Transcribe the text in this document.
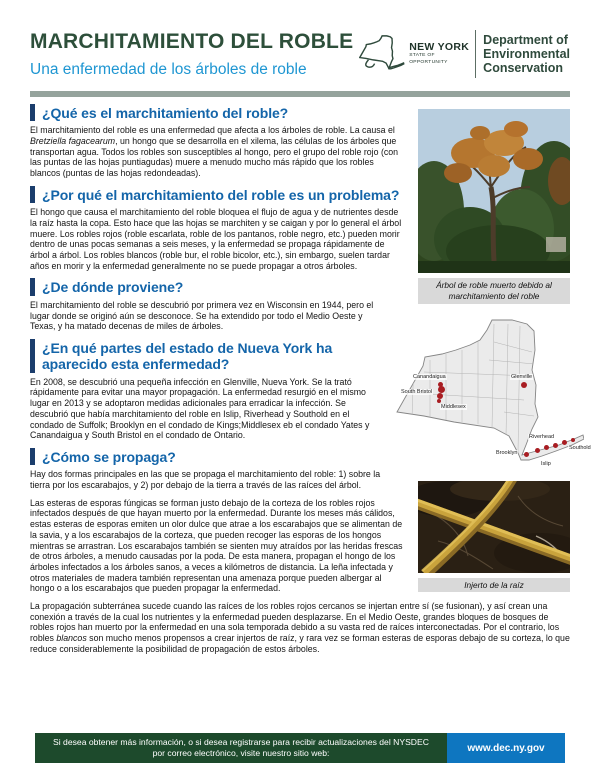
MARCHITAMIENTO DEL ROBLE
Una enfermedad de los árboles de roble
NEW YORK
STATE OF
OPPORTUNITY
Department of
Environmental
Conservation
Árbol de roble muerto debido al marchitamiento del roble
Canandaigua
South Bristol
Middlesex
Glenville
Riverhead
Brooklyn
Southold
Islip
Injerto de la raíz
¿Qué es el marchitamiento del roble?

El marchitamiento del roble es una enfermedad que afecta a los árboles de roble. La causa el Bretziella fagacearum, un hongo que se desarrolla en el xilema, las células de los árboles que transportan agua. Todos los robles son susceptibles al hongo, pero el grupo del roble rojo (con las puntas de las hojas puntiagudas) muere a menudo mucho más rápido que los robles blancos (puntas de las hojas redondeadas).

¿Por qué el marchitamiento del roble es un problema?

El hongo que causa el marchitamiento del roble bloquea el flujo de agua y de nutrientes desde la raíz hasta la copa. Esto hace que las hojas se marchiten y se caigan y por lo general el árbol muere. Los robles rojos (roble escarlata, roble de los pantanos, roble negro, etc.) pueden morir dentro de unas pocas semanas a seis meses, y la enfermedad se propaga rápidamente de árbol a árbol. Los robles blancos (roble bur, el roble bicolor, etc.), sin embargo, suelen tardar años en morir y la enfermedad generalmente no se puede propagar a otros árboles.

¿De dónde proviene?

El marchitamiento del roble se descubrió por primera vez en Wisconsin en 1944, pero el lugar donde se originó aún se desconoce. Se ha extendido por todo el Medio Oeste y Texas, y ha matado decenas de miles de árboles.

¿En qué partes del estado de Nueva York ha aparecido esta enfermedad?

En 2008, se descubrió una pequeña infección en Glenville, Nueva York. Se la trató rápidamente para evitar una mayor propagación. La enfermedad resurgió en el mismo lugar en 2013 y se adoptaron medidas adicionales para erradicar la infección. Se descubrió que había marchitamiento del roble en Islip, Riverhead y Southold en el condado de Suffolk; Brooklyn en el condado de Kings;Middlesex eb el condado Yates y Canandaigua y South Bristol en el condado de Ontario.

¿Cómo se propaga?

Hay dos formas principales en las que se propaga el marchitamiento del roble: 1) sobre la tierra por los escarabajos, y 2) por debajo de la tierra a través de las raíces del árbol.

Las esteras de esporas fúngicas se forman justo debajo de la corteza de los robles rojos infectados después de que hayan muerto por la enfermedad. Durante los meses más cálidos, estas esteras de esporas emiten un olor dulce que atrae a los escarabajos que se alimentan de la savia, y a los escarabajos de la corteza, que pueden recoger las esporas de los hongos mientras se arrastran. Los escarabajos también se sienten muy atraídos por las heridas frescas de otros árboles, a menudo causadas por la poda. De esta manera, propagan el hongo de los árboles infectados a los árboles sanos, a veces a kilómetros de distancia. La leña infectada y otros materiales de madera también representan una amenaza porque pueden albergar al hongo o a los escarabajos que pueden propagar la enfermedad.

La propagación subterránea sucede cuando las raíces de los robles rojos cercanos se injertan entre sí (se fusionan), y así crean una conexión a través de la cual los nutrientes y la enfermedad pueden desplazarse. En el Medio Oeste, grandes bloques de bosques de robles rojos han muerto por la enfermedad en una sola temporada debido a su vasta red de raíces interconectadas. Por el contrario, los robles blancos son mucho menos propensos a crear injertos de raíz, y rara vez se forman esteras de esporas debajo de su corteza, lo que reduce considerablemente la posibilidad de propagación de estos árboles.

Si desea obtener más información, o si desea registrarse para recibir actualizaciones del NYSDEC por correo electrónico, visite nuestro sitio web:	www.dec.ny.gov
